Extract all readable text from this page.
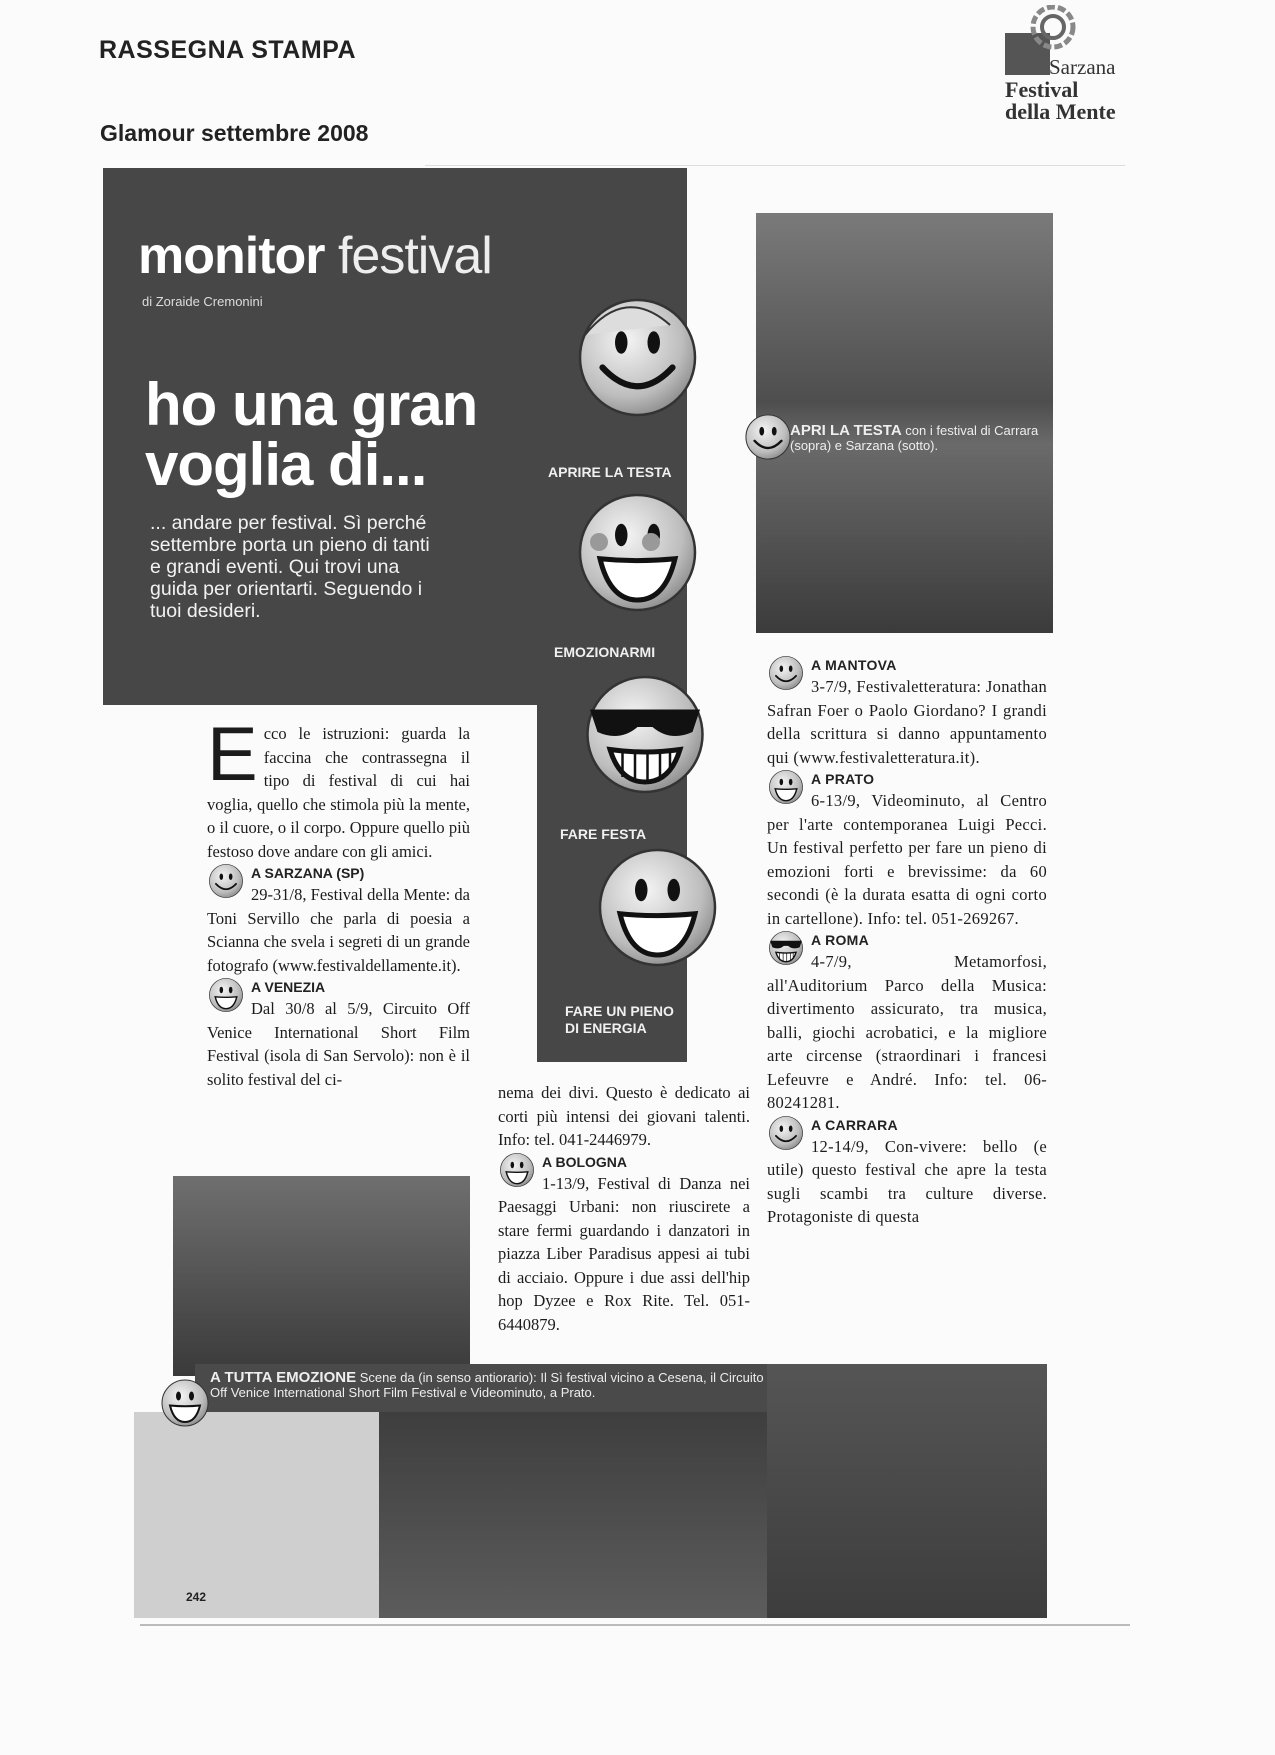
RASSEGNA STAMPA
Glamour settembre 2008
Sarzana
Festival
della Mente
monitor festival
di Zoraide Cremonini
ho una gran
voglia di...
... andare per festival. Sì perché settembre porta un pieno di tanti e grandi eventi. Qui trovi una guida per orientarti. Seguendo i tuoi desideri.
APRIRE LA TESTA
EMOZIONARMI
FARE FESTA
FARE UN PIENO DI ENERGIA
APRI LA TESTA con i festival di Carrara (sopra) e Sarzana (sotto).

Ecco le istruzioni: guarda la faccina che contrassegna il tipo di festival di cui hai voglia, quello che stimola più la mente, o il cuore, o il corpo. Oppure quello più festoso dove andare con gli amici.

A SARZANA (SP)

29-31/8, Festival della Mente: da Toni Servillo che parla di poesia a Scianna che svela i segreti di un grande fotografo (www.festivaldellamente.it).

A VENEZIA

Dal 30/8 al 5/9, Circuito Off Venice International Short Film Festival (isola di San Servolo): non è il solito festival del ci-

nema dei divi. Questo è dedicato ai corti più intensi dei giovani talenti. Info: tel. 041-2446979.

A BOLOGNA

1-13/9, Festival di Danza nei Paesaggi Urbani: non riuscirete a stare fermi guardando i danzatori in piazza Liber Paradisus appesi ai tubi di acciaio. Oppure i due assi dell'hip hop Dyzee e Rox Rite. Tel. 051-6440879.

A MANTOVA

3-7/9, Festivaletteratura: Jonathan Safran Foer o Paolo Giordano? I grandi della scrittura si danno appuntamento qui (www.festivaletteratura.it).

A PRATO

6-13/9, Videominuto, al Centro per l'arte contemporanea Luigi Pecci. Un festival perfetto per fare un pieno di emozioni forti e brevissime: da 60 secondi (è la durata esatta di ogni corto in cartellone). Info: tel. 051-269267.

A ROMA

4-7/9, Metamorfosi, all'Auditorium Parco della Musica: divertimento assicurato, tra musica, balli, giochi acrobatici, e la migliore arte circense (straordinari i francesi Lefeuvre e André. Info: tel. 06-80241281.

A CARRARA

12-14/9, Con-vivere: bello (e utile) questo festival che apre la testa sugli scambi tra culture diverse. Protagoniste di questa

242
A TUTTA EMOZIONE Scene da (in senso antiorario): Il Sì festival vicino a Cesena, il Circuito Off Venice International Short Film Festival e Videominuto, a Prato.
